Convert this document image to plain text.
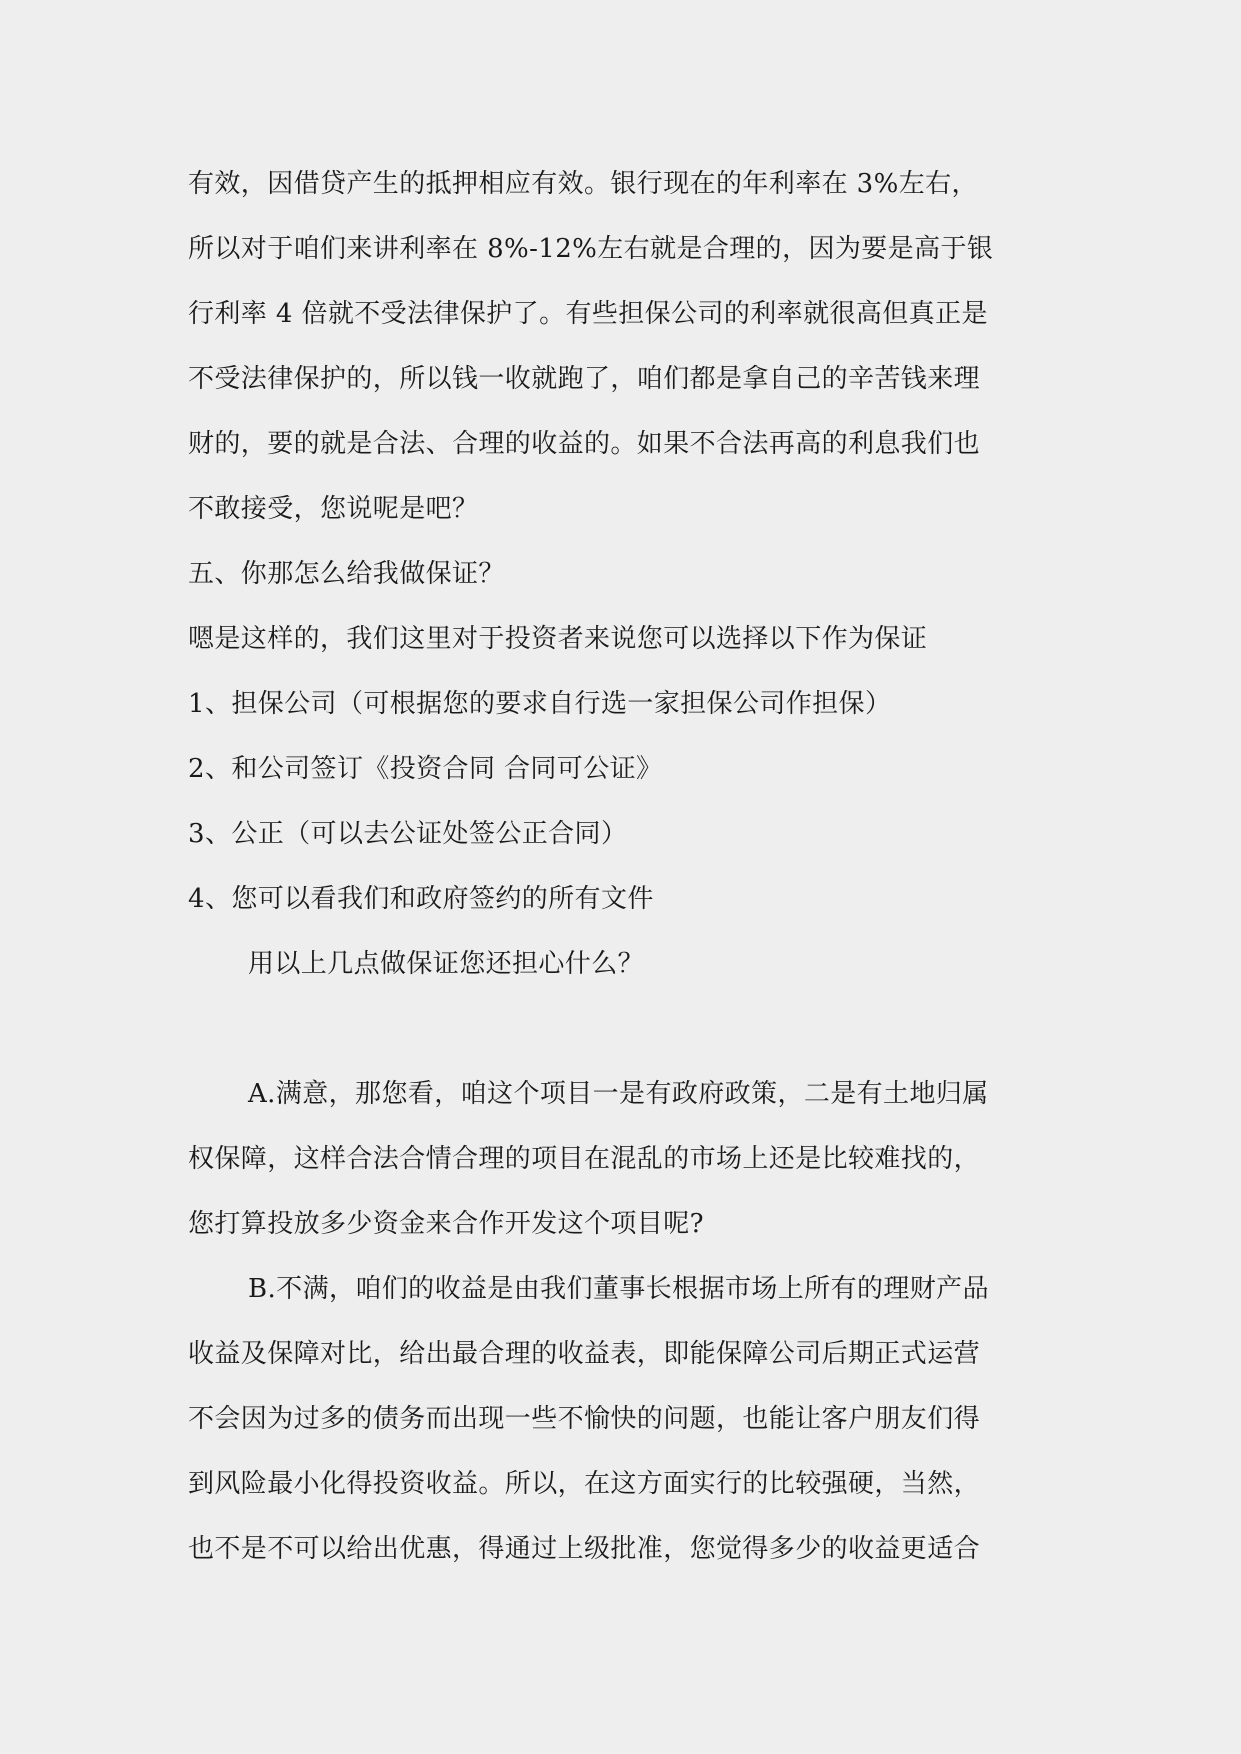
有效，因借贷产生的抵押相应有效。银行现在的年利率在 3%左右，
所以对于咱们来讲利率在 8%-12%左右就是合理的，因为要是高于银
行利率 4 倍就不受法律保护了。有些担保公司的利率就很高但真正是
不受法律保护的，所以钱一收就跑了，咱们都是拿自己的辛苦钱来理
财的，要的就是合法、合理的收益的。如果不合法再高的利息我们也
不敢接受，您说呢是吧？
五、你那怎么给我做保证？
嗯是这样的，我们这里对于投资者来说您可以选择以下作为保证
1、担保公司（可根据您的要求自行选一家担保公司作担保）
2、和公司签订《投资合同 合同可公证》
3、公正（可以去公证处签公正合同）
4、您可以看我们和政府签约的所有文件
用以上几点做保证您还担心什么？
A.满意，那您看，咱这个项目一是有政府政策，二是有土地归属
权保障，这样合法合情合理的项目在混乱的市场上还是比较难找的，
您打算投放多少资金来合作开发这个项目呢?
B.不满，咱们的收益是由我们董事长根据市场上所有的理财产品
收益及保障对比，给出最合理的收益表，即能保障公司后期正式运营
不会因为过多的债务而出现一些不愉快的问题，也能让客户朋友们得
到风险最小化得投资收益。所以，在这方面实行的比较强硬，当然，
也不是不可以给出优惠，得通过上级批准，您觉得多少的收益更适合
